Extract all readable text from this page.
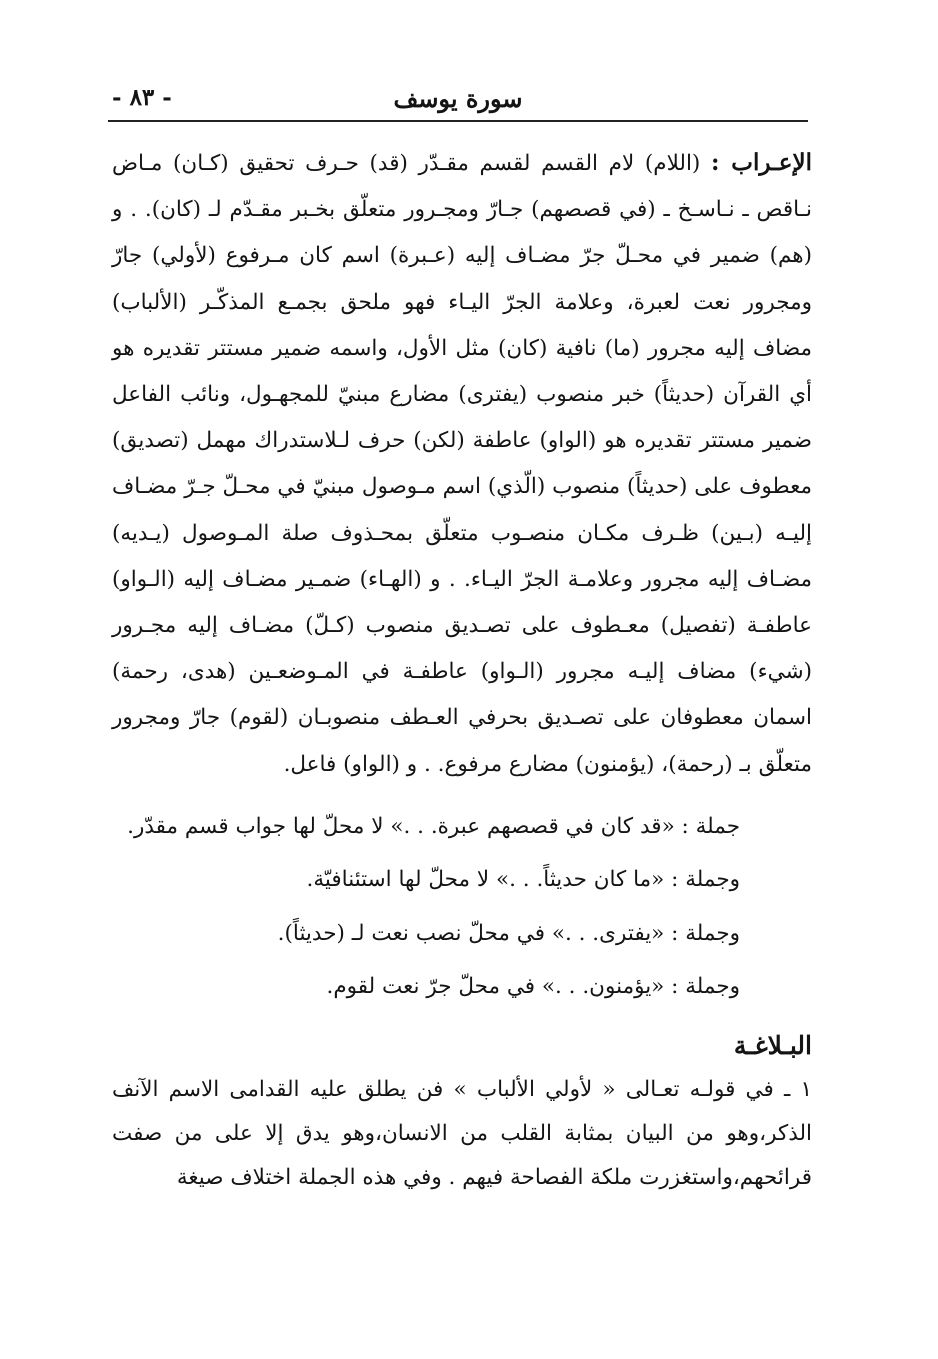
- ٨٣ -	سورة يوسف

الإعـراب : (اللام) لام القسم لقسم مقـدّر (قد) حـرف تحقيق (كـان) مـاض نـاقص ـ نـاسـخ ـ (في قصصهم) جـارّ ومجـرور متعلّق بخـبر مقـدّم لـ (كان). . و (هم) ضمير في محـلّ جرّ مضـاف إليه (عـبرة) اسم كان مـرفوع (لأولي) جارّ ومجرور نعت لعبرة، وعلامة الجرّ اليـاء فهو ملحق بجمـع المذكّـر (الألباب) مضاف إليه مجرور (ما) نافية (كان) مثل الأول، واسمه ضمير مستتر تقديره هو أي القرآن (حديثاً) خبر منصوب (يفترى) مضارع مبنيّ للمجهـول، ونائب الفاعل ضمير مستتر تقديره هو (الواو) عاطفة (لكن) حرف لـلاستدراك مهمل (تصديق) معطوف على (حديثاً) منصوب (الّذي) اسم مـوصول مبنيّ في محـلّ جـرّ مضـاف إليـه (بـين) ظـرف مكـان منصـوب متعلّق بمحـذوف صلة المـوصول (يـديه) مضـاف إليه مجرور وعلامـة الجرّ اليـاء. . و (الهـاء) ضمـير مضـاف إليه (الـواو) عاطفـة (تفصيل) معـطوف على تصـديق منصوب (كـلّ) مضـاف إليه مجـرور (شيء) مضاف إليـه مجرور (الـواو) عاطفـة في المـوضعـين (هدى، رحمة) اسمان معطوفان على تصـديق بحرفي العـطف منصوبـان (لقوم) جارّ ومجرور متعلّق بـ (رحمة)، (يؤمنون) مضارع مرفوع. . و (الواو) فاعل.

جملة : «قد كان في قصصهم عبرة. . .» لا محلّ لها جواب قسم مقدّر.
وجملة : «ما كان حديثاً. . .» لا محلّ لها استئنافيّة.
وجملة : «يفترى. . .» في محلّ نصب نعت لـ (حديثاً).
وجملة : «يؤمنون. . .» في محلّ جرّ نعت لقوم.
البـلاغـة

١ ـ في قولـه تعـالى « لأولي الألباب » فن يطلق عليه القدامى الاسم الآنف الذكر،وهو من البيان بمثابة القلب من الانسان،وهو يدق إلا على من صفت قرائحهم،واستغزرت ملكة الفصاحة فيهم . وفي هذه الجملة اختلاف صيغة
